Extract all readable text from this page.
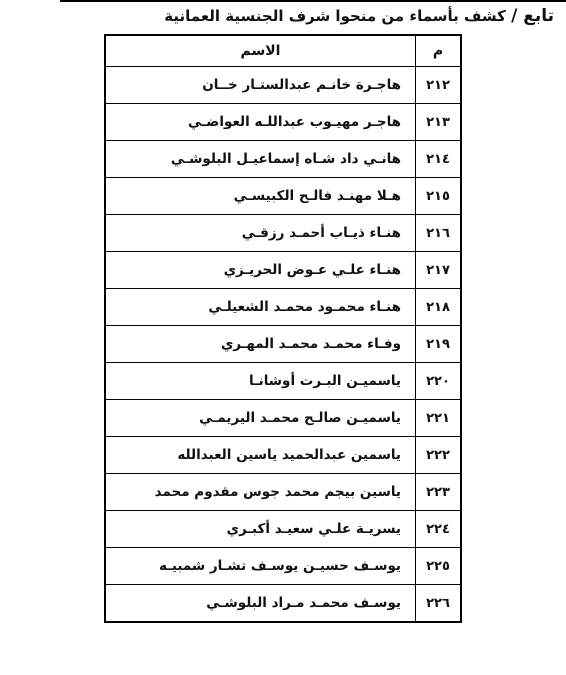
تابع / كشف بأسماء من منحوا شرف الجنسية العمانية
م	الاسم
٢١٢	هاجـرة خانـم عبدالستـار خــان
٢١٣	هاجـر مهيـوب عبداللـه العواضـي
٢١٤	هانـي داد شـاه إسماعيـل البلوشـي
٢١٥	هـلا مهنـد فالـح الكبيسـي
٢١٦	هنـاء ذيـاب أحمـد رزقـي
٢١٧	هنـاء علـي عـوض الحريـزي
٢١٨	هنـاء محمـود محمـد الشعيلـي
٢١٩	وفـاء محمـد محمـد المهـري
٢٢٠	ياسميـن البـرت أوشانـا
٢٢١	ياسميـن صالـح محمـد اليريمـي
٢٢٢	ياسمين عبدالحميد ياسين العبدالله
٢٢٣	ياسين بيجم محمد جوس مقدوم محمد
٢٢٤	يسريـة علـي سعيـد أكبـري
٢٢٥	يوسـف حسيـن يوسـف تشـار شمبيـه
٢٢٦	يوسـف محمـد مـراد البلوشـي
